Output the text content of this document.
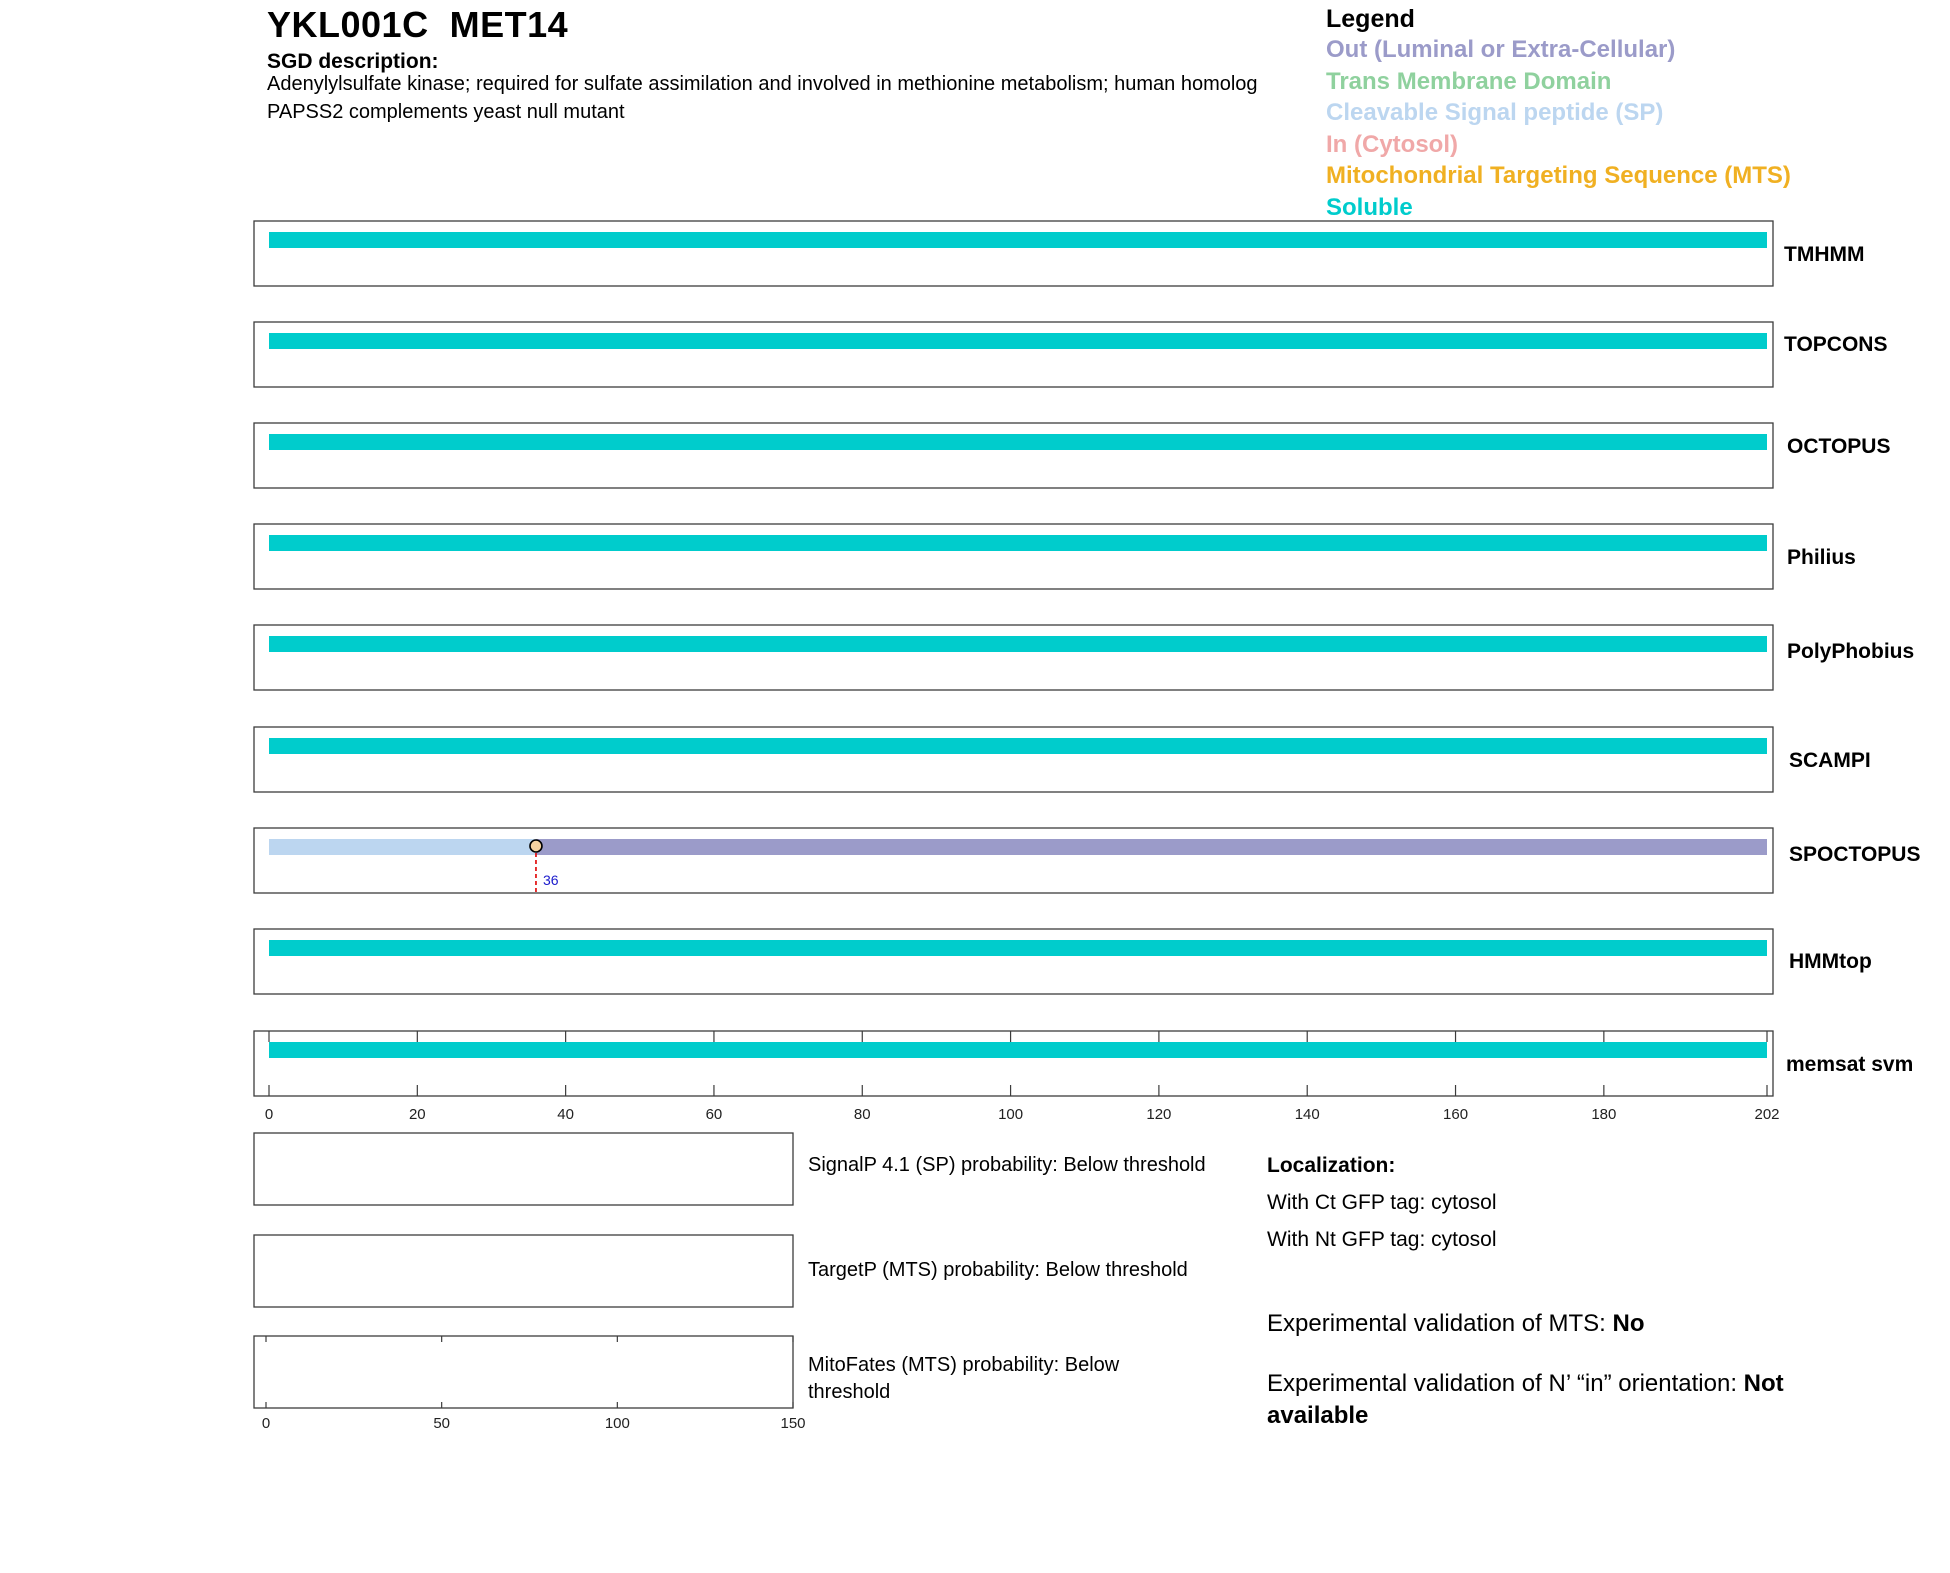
YKL001C MET14
SGD description:
Adenylylsulfate kinase; required for sulfate assimilation and involved in methionine metabolism; human homolog PAPSS2 complements yeast null mutant
Legend
Out (Luminal or Extra-Cellular)
Trans Membrane Domain
Cleavable Signal peptide (SP)
In (Cytosol)
Mitochondrial Targeting Sequence (MTS)
Soluble
36
0	20	40	60	80	100	120	140	160	180	202
0	50	100	150
TMHMM
TOPCONS
OCTOPUS
Philius
PolyPhobius
SCAMPI
SPOCTOPUS
HMMtop
memsat svm
SignalP 4.1 (SP) probability: Below threshold
TargetP (MTS) probability: Below threshold
MitoFates (MTS) probability: Below threshold
Localization:
With Ct GFP tag: cytosol
With Nt GFP tag: cytosol
Experimental validation of MTS: No
Experimental validation of N’ “in” orientation: Not available
